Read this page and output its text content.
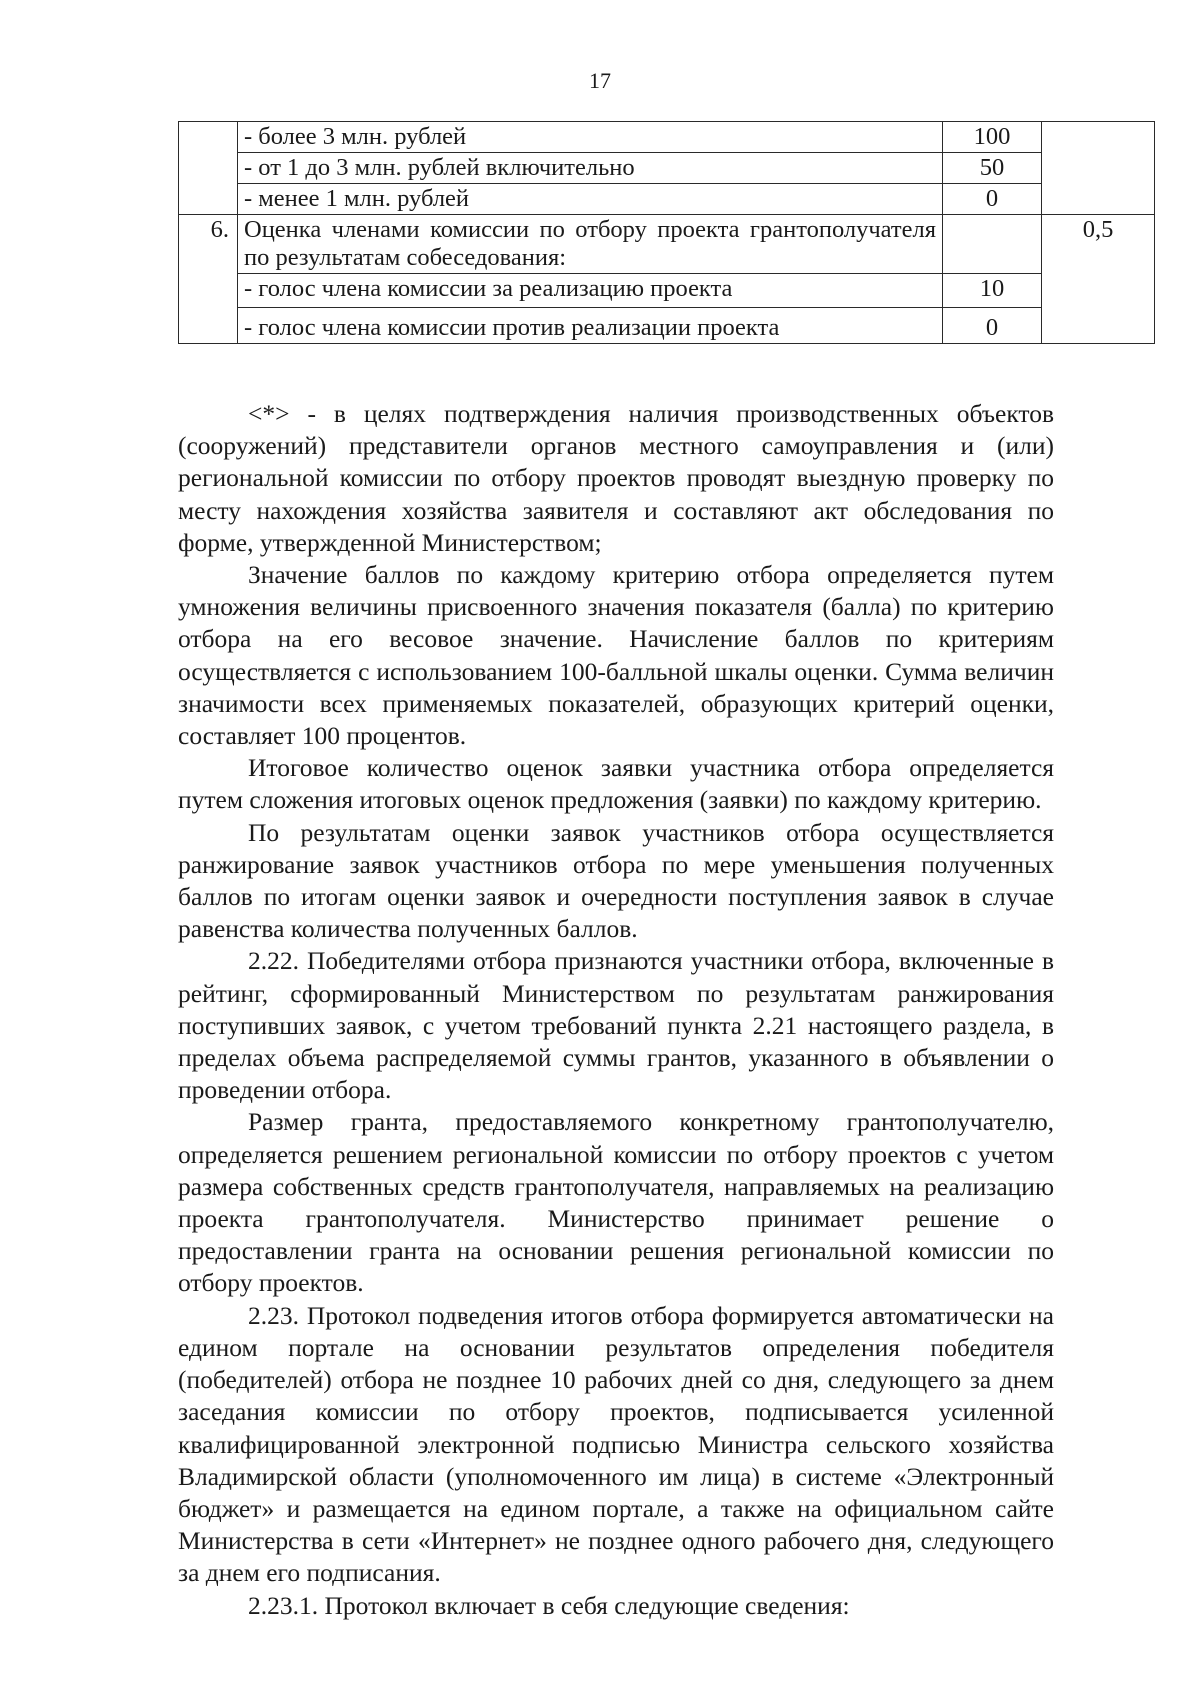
17
	- более 3 млн. рублей	100	
	- от 1 до 3 млн. рублей включительно	50	
	- менее 1 млн. рублей	0	
6.	Оценка членами комиссии по отбору проекта грантополучателя по результатам собеседования:		0,5
	- голос члена комиссии за реализацию проекта	10	
	- голос члена комиссии против реализации проекта	0	

<*> - в целях подтверждения наличия производственных объектов (сооружений) представители органов местного самоуправления и (или) региональной комиссии по отбору проектов проводят выездную проверку по месту нахождения хозяйства заявителя и составляют акт обследования по форме, утвержденной Министерством;

Значение баллов по каждому критерию отбора определяется путем умножения величины присвоенного значения показателя (балла) по критерию отбора на его весовое значение. Начисление баллов по критериям осуществляется с использованием 100-балльной шкалы оценки. Сумма величин значимости всех применяемых показателей, образующих критерий оценки, составляет 100 процентов.

Итоговое количество оценок заявки участника отбора определяется путем сложения итоговых оценок предложения (заявки) по каждому критерию.

По результатам оценки заявок участников отбора осуществляется ранжирование заявок участников отбора по мере уменьшения полученных баллов по итогам оценки заявок и очередности поступления заявок в случае равенства количества полученных баллов.

2.22. Победителями отбора признаются участники отбора, включенные в рейтинг, сформированный Министерством по результатам ранжирования поступивших заявок, с учетом требований пункта 2.21 настоящего раздела, в пределах объема распределяемой суммы грантов, указанного в объявлении о проведении отбора.

Размер гранта, предоставляемого конкретному грантополучателю, определяется решением региональной комиссии по отбору проектов с учетом размера собственных средств грантополучателя, направляемых на реализацию проекта грантополучателя. Министерство принимает решение о предоставлении гранта на основании решения региональной комиссии по отбору проектов.

2.23. Протокол подведения итогов отбора формируется автоматически на едином портале на основании результатов определения победителя (победителей) отбора не позднее 10 рабочих дней со дня, следующего за днем заседания комиссии по отбору проектов, подписывается усиленной квалифицированной электронной подписью Министра сельского хозяйства Владимирской области (уполномоченного им лица) в системе «Электронный бюджет» и размещается на едином портале, а также на официальном сайте Министерства в сети «Интернет» не позднее одного рабочего дня, следующего за днем его подписания.

2.23.1. Протокол включает в себя следующие сведения:
